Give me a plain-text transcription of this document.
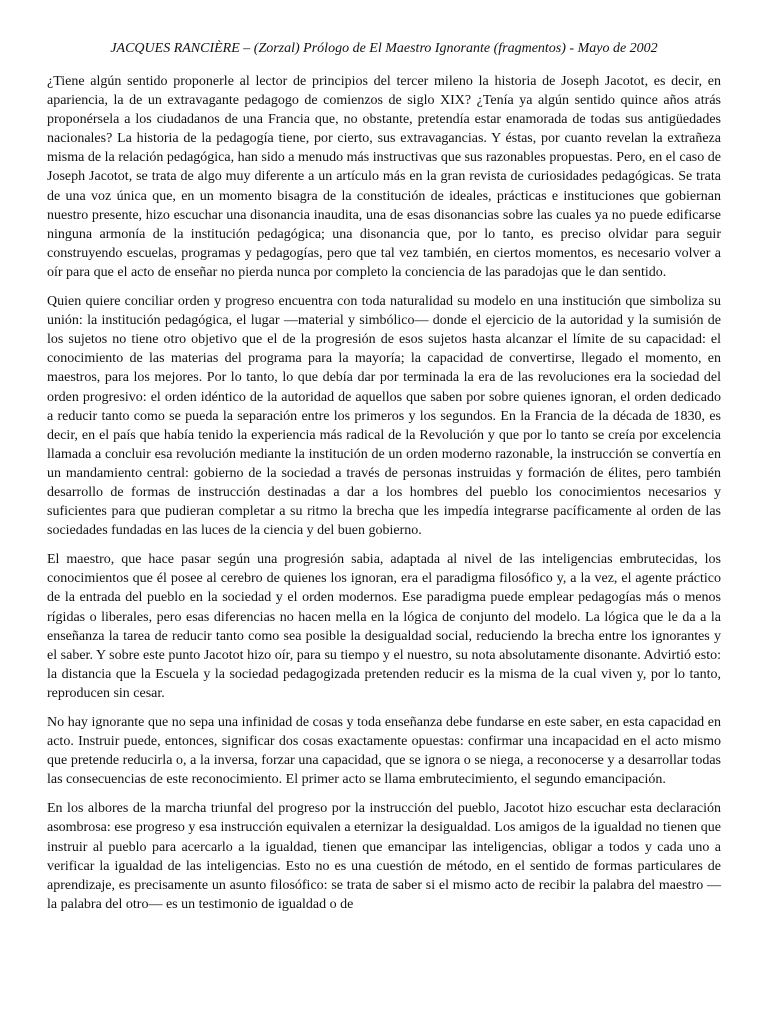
JACQUES RANCIÈRE – (Zorzal) Prólogo de El Maestro Ignorante (fragmentos) - Mayo de 2002

¿Tiene algún sentido proponerle al lector de principios del tercer mileno la historia de Joseph Jacotot, es decir, en apariencia, la de un extravagante pedagogo de comienzos de siglo XIX? ¿Tenía ya algún sentido quince años atrás proponérsela a los ciudadanos de una Francia que, no obstante, pretendía estar enamorada de todas sus antigüedades nacionales? La historia de la pedagogía tiene, por cierto, sus extravagancias. Y éstas, por cuanto revelan la extrañeza misma de la relación pedagógica, han sido a menudo más instructivas que sus razonables propuestas. Pero, en el caso de Joseph Jacotot, se trata de algo muy diferente a un artículo más en la gran revista de curiosidades pedagógicas. Se trata de una voz única que, en un momento bisagra de la constitución de ideales, prácticas e instituciones que gobiernan nuestro presente, hizo escuchar una disonancia inaudita, una de esas disonancias sobre las cuales ya no puede edificarse ninguna armonía de la institución pedagógica; una disonancia que, por lo tanto, es preciso olvidar para seguir construyendo escuelas, programas y pedagogías, pero que tal vez también, en ciertos momentos, es necesario volver a oír para que el acto de enseñar no pierda nunca por completo la conciencia de las paradojas que le dan sentido.

Quien quiere conciliar orden y progreso encuentra con toda naturalidad su modelo en una institución que simboliza su unión: la institución pedagógica, el lugar —material y simbólico— donde el ejercicio de la autoridad y la sumisión de los sujetos no tiene otro objetivo que el de la progresión de esos sujetos hasta alcanzar el límite de su capacidad: el conocimiento de las materias del programa para la mayoría; la capacidad de convertirse, llegado el momento, en maestros, para los mejores. Por lo tanto, lo que debía dar por terminada la era de las revoluciones era la sociedad del orden progresivo: el orden idéntico de la autoridad de aquellos que saben por sobre quienes ignoran, el orden dedicado a reducir tanto como se pueda la separación entre los primeros y los segundos. En la Francia de la década de 1830, es decir, en el país que había tenido la experiencia más radical de la Revolución y que por lo tanto se creía por excelencia llamada a concluir esa revolución mediante la institución de un orden moderno razonable, la instrucción se convertía en un mandamiento central: gobierno de la sociedad a través de personas instruidas y formación de élites, pero también desarrollo de formas de instrucción destinadas a dar a los hombres del pueblo los conocimientos necesarios y suficientes para que pudieran completar a su ritmo la brecha que les impedía integrarse pacíficamente al orden de las sociedades fundadas en las luces de la ciencia y del buen gobierno.

El maestro, que hace pasar según una progresión sabia, adaptada al nivel de las inteligencias embrutecidas, los conocimientos que él posee al cerebro de quienes los ignoran, era el paradigma filosófico y, a la vez, el agente práctico de la entrada del pueblo en la sociedad y el orden modernos. Ese paradigma puede emplear pedagogías más o menos rígidas o liberales, pero esas diferencias no hacen mella en la lógica de conjunto del modelo. La lógica que le da a la enseñanza la tarea de reducir tanto como sea posible la desigualdad social, reduciendo la brecha entre los ignorantes y el saber. Y sobre este punto Jacotot hizo oír, para su tiempo y el nuestro, su nota absolutamente disonante. Advirtió esto: la distancia que la Escuela y la sociedad pedagogizada pretenden reducir es la misma de la cual viven y, por lo tanto, reproducen sin cesar.

No hay ignorante que no sepa una infinidad de cosas y toda enseñanza debe fundarse en este saber, en esta capacidad en acto. Instruir puede, entonces, significar dos cosas exactamente opuestas: confirmar una incapacidad en el acto mismo que pretende reducirla o, a la inversa, forzar una capacidad, que se ignora o se niega, a reconocerse y a desarrollar todas las consecuencias de este reconocimiento. El primer acto se llama embrutecimiento, el segundo emancipación.

En los albores de la marcha triunfal del progreso por la instrucción del pueblo, Jacotot hizo escuchar esta declaración asombrosa: ese progreso y esa instrucción equivalen a eternizar la desigualdad. Los amigos de la igualdad no tienen que instruir al pueblo para acercarlo a la igualdad, tienen que emancipar las inteligencias, obligar a todos y cada uno a verificar la igualdad de las inteligencias. Esto no es una cuestión de método, en el sentido de formas particulares de aprendizaje, es precisamente un asunto filosófico: se trata de saber si el mismo acto de recibir la palabra del maestro —la palabra del otro— es un testimonio de igualdad o de
